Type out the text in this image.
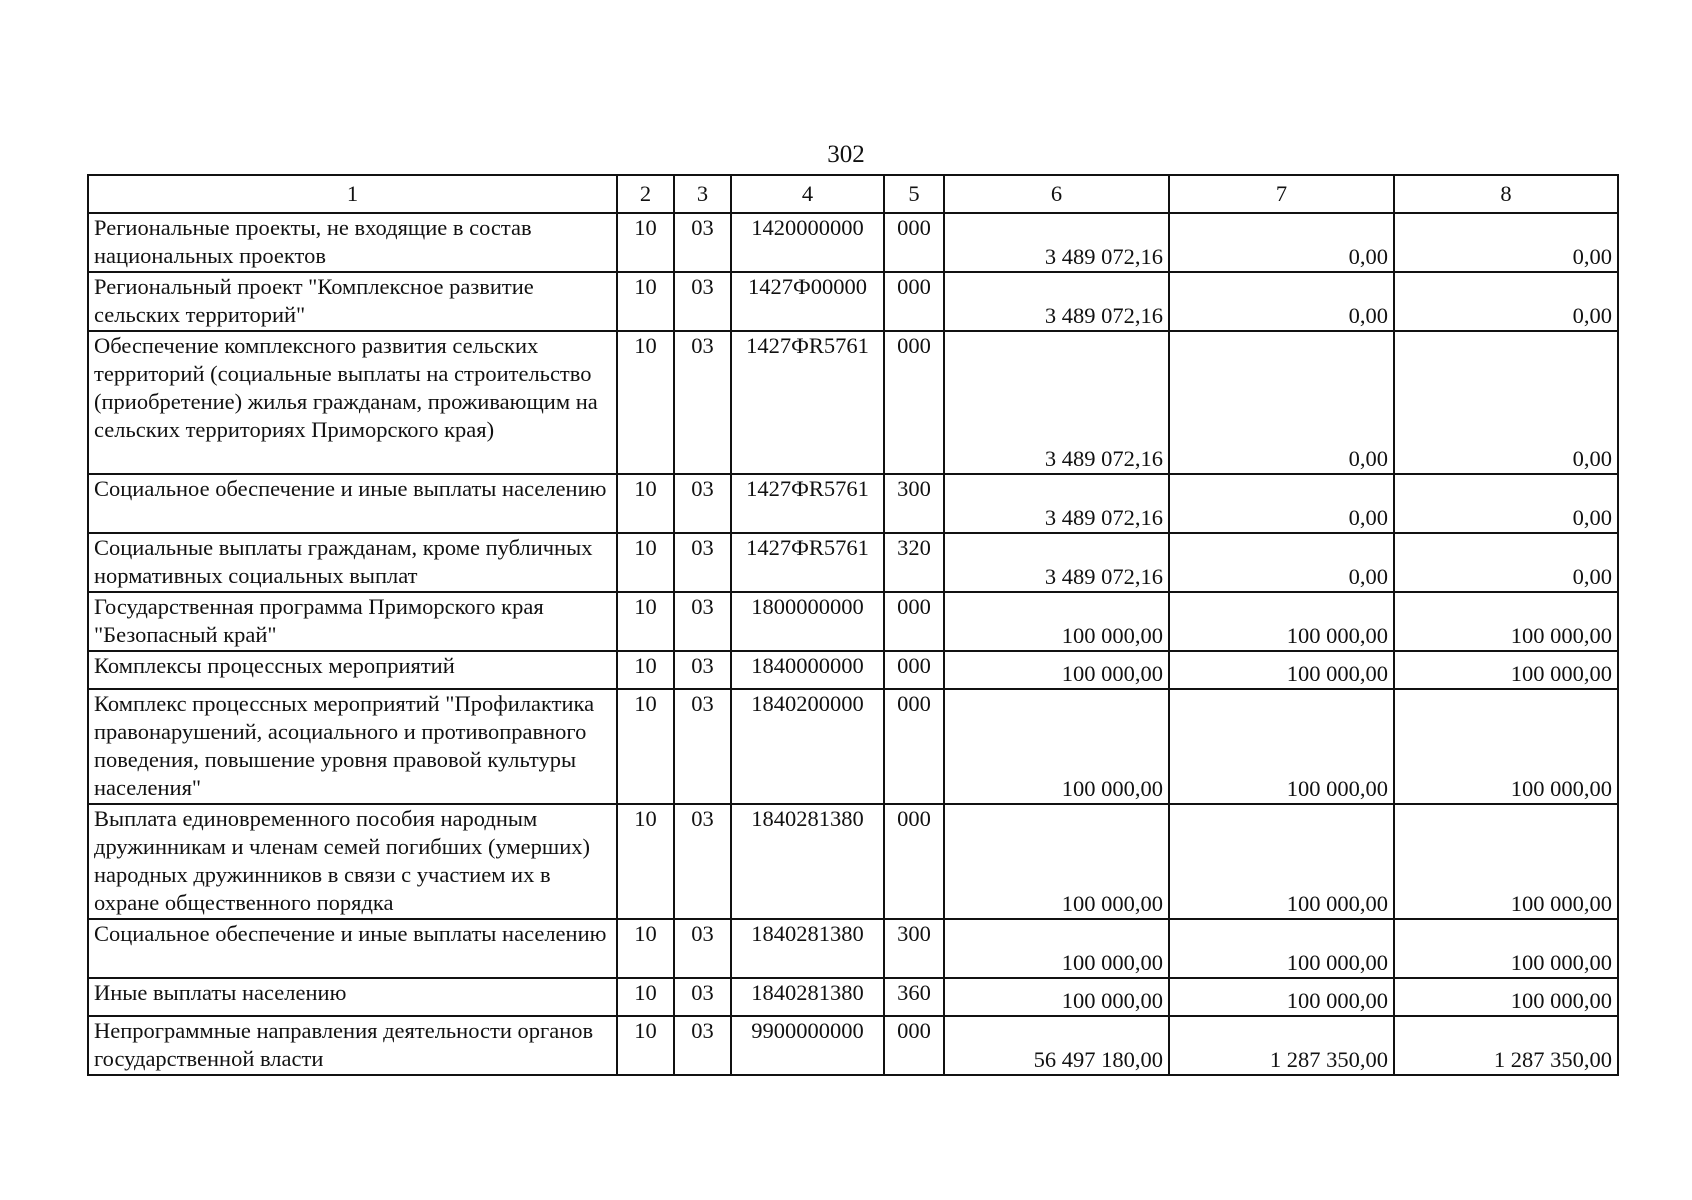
302
1	2	3	4	5	6	7	8
Региональные проекты, не входящие в состав национальных проектов	10	03	1420000000	000	3 489 072,16	0,00	0,00
Региональный проект "Комплексное развитие сельских территорий"	10	03	1427Ф00000	000	3 489 072,16	0,00	0,00
Обеспечение комплексного развития сельских территорий (социальные выплаты на строительство (приобретение) жилья гражданам, проживающим на сельских территориях Приморского края)	10	03	1427ФR5761	000	3 489 072,16	0,00	0,00
Социальное обеспечение и иные выплаты населению	10	03	1427ФR5761	300	3 489 072,16	0,00	0,00
Социальные выплаты гражданам, кроме публичных нормативных социальных выплат	10	03	1427ФR5761	320	3 489 072,16	0,00	0,00
Государственная программа Приморского края "Безопасный край"	10	03	1800000000	000	100 000,00	100 000,00	100 000,00
Комплексы процессных мероприятий	10	03	1840000000	000	100 000,00	100 000,00	100 000,00
Комплекс процессных мероприятий "Профилактика правонарушений, асоциального и противоправного поведения, повышение уровня правовой культуры населения"	10	03	1840200000	000	100 000,00	100 000,00	100 000,00
Выплата единовременного пособия народным дружинникам и членам семей погибших (умерших) народных дружинников в связи с участием их в охране общественного порядка	10	03	1840281380	000	100 000,00	100 000,00	100 000,00
Социальное обеспечение и иные выплаты населению	10	03	1840281380	300	100 000,00	100 000,00	100 000,00
Иные выплаты населению	10	03	1840281380	360	100 000,00	100 000,00	100 000,00
Непрограммные направления деятельности органов государственной власти	10	03	9900000000	000	56 497 180,00	1 287 350,00	1 287 350,00
